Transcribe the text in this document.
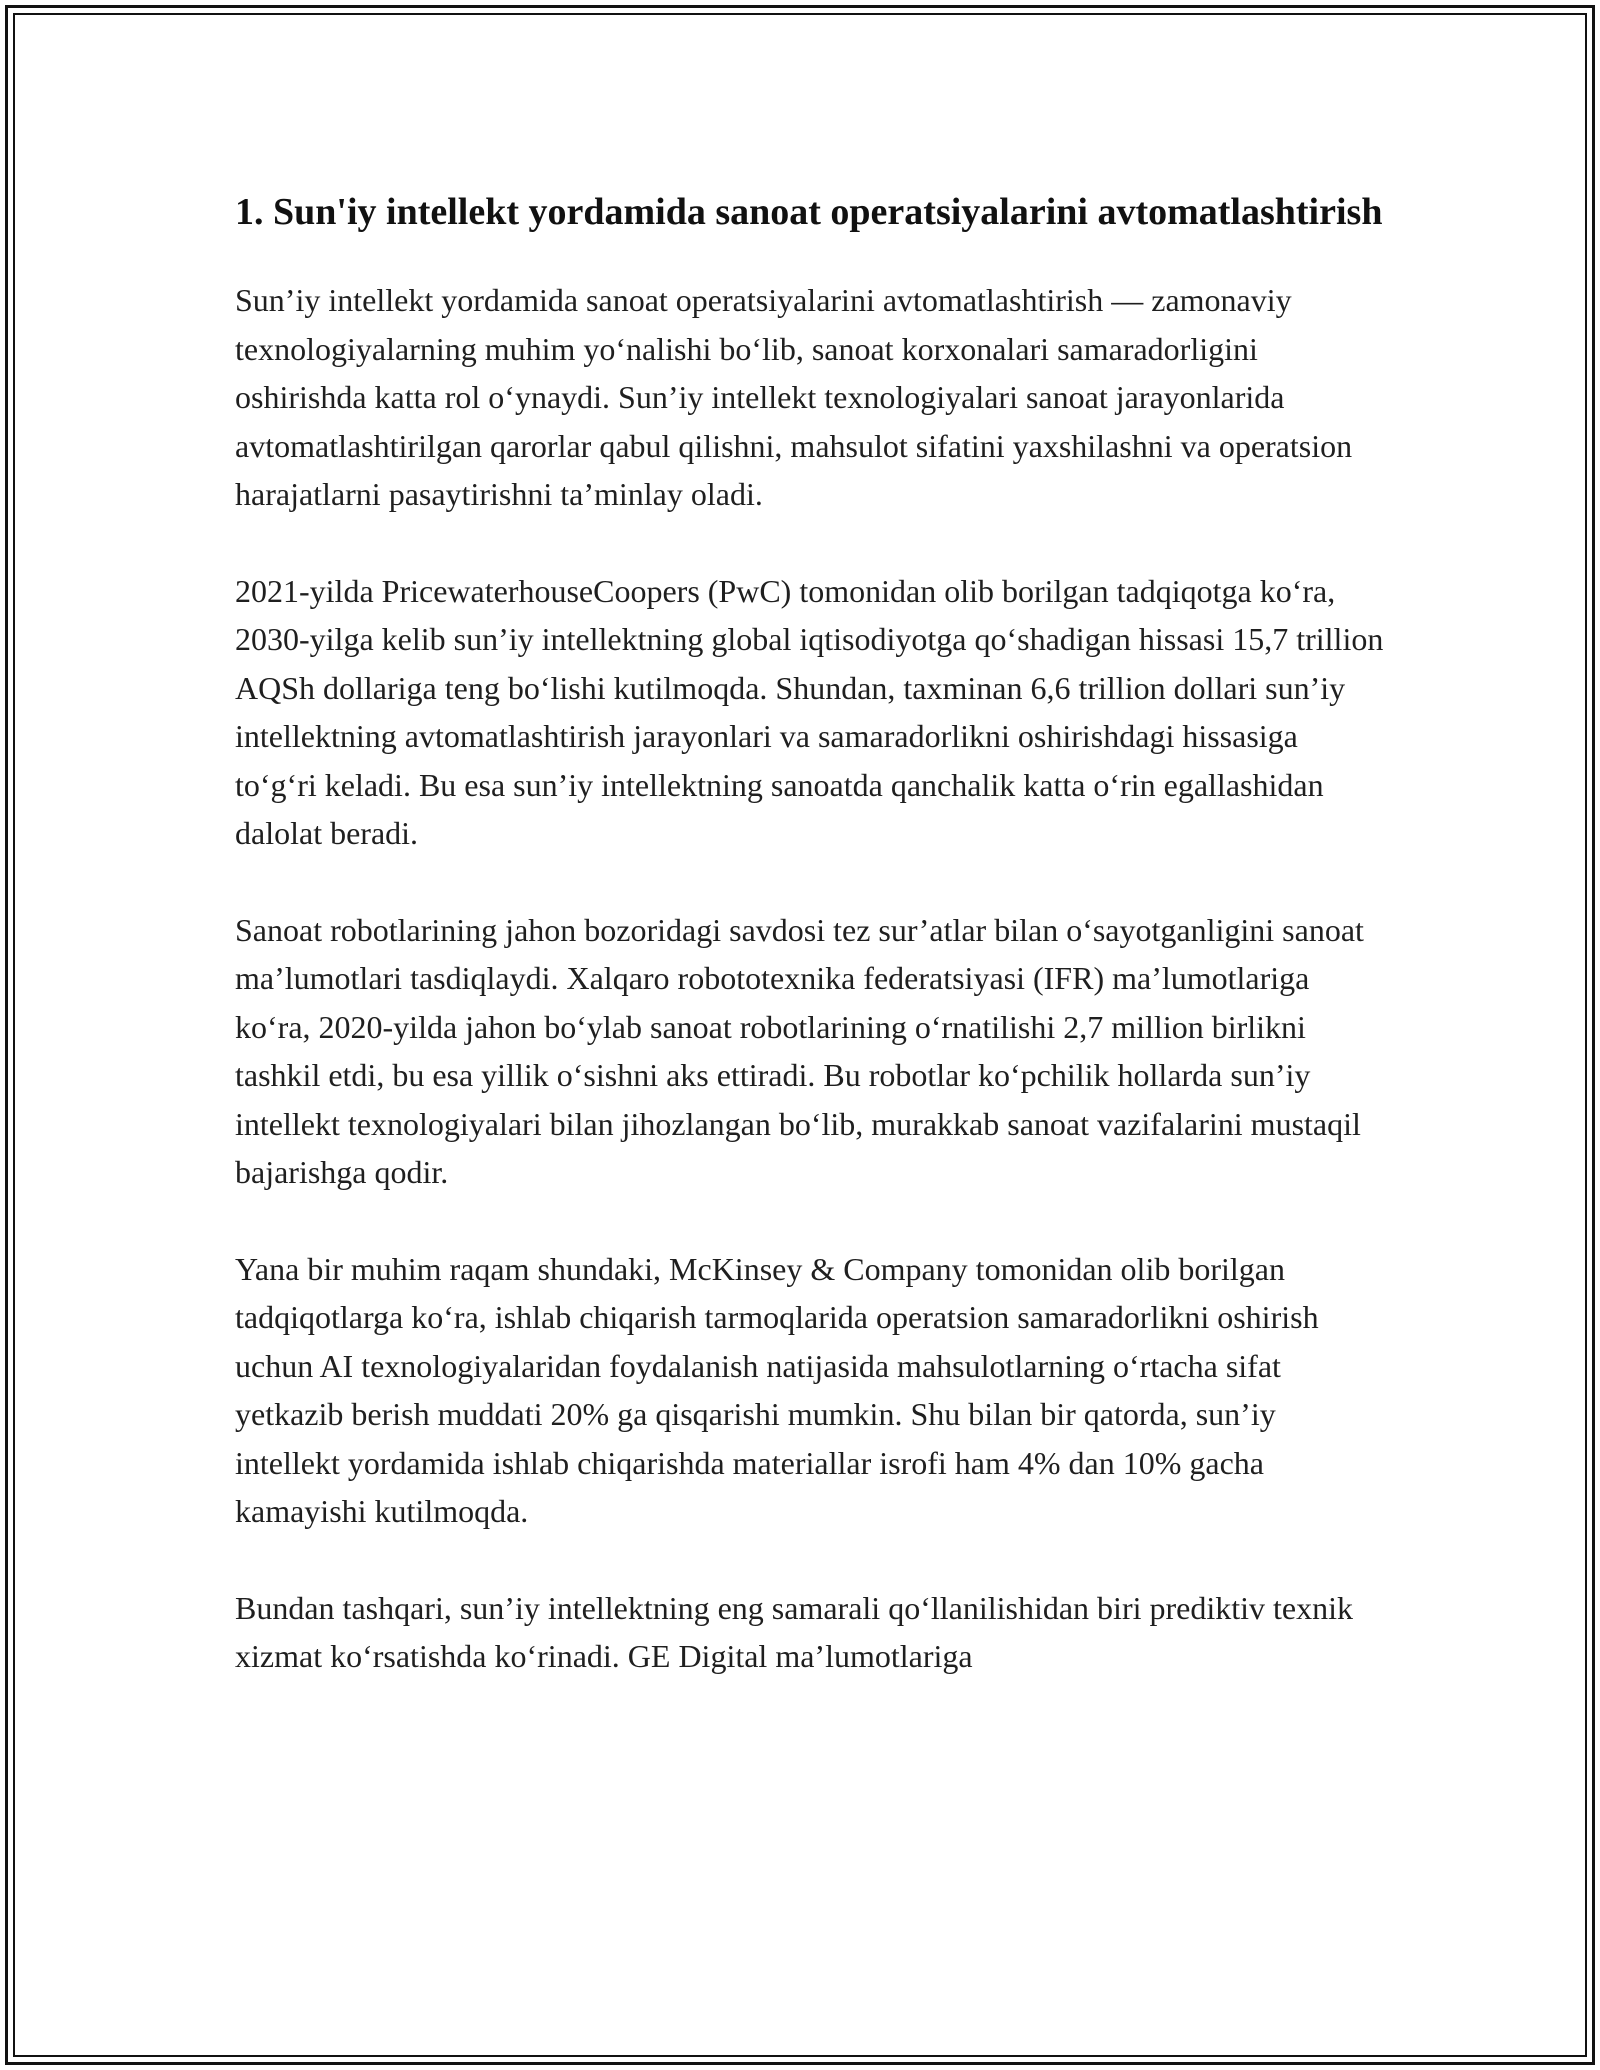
1. Sun'iy intellekt yordamida sanoat operatsiyalarini avtomatlashtirish

Sun’iy intellekt yordamida sanoat operatsiyalarini avtomatlashtirish — zamonaviy texnologiyalarning muhim yoʻnalishi boʻlib, sanoat korxonalari samaradorligini oshirishda katta rol oʻynaydi. Sun’iy intellekt texnologiyalari sanoat jarayonlarida avtomatlashtirilgan qarorlar qabul qilishni, mahsulot sifatini yaxshilashni va operatsion harajatlarni pasaytirishni ta’minlay oladi.

2021-yilda PricewaterhouseCoopers (PwC) tomonidan olib borilgan tadqiqotga koʻra, 2030-yilga kelib sun’iy intellektning global iqtisodiyotga qoʻshadigan hissasi 15,7 trillion AQSh dollariga teng boʻlishi kutilmoqda. Shundan, taxminan 6,6 trillion dollari sun’iy intellektning avtomatlashtirish jarayonlari va samaradorlikni oshirishdagi hissasiga toʻgʻri keladi. Bu esa sun’iy intellektning sanoatda qanchalik katta oʻrin egallashidan dalolat beradi.

Sanoat robotlarining jahon bozoridagi savdosi tez sur’atlar bilan oʻsayotganligini sanoat ma’lumotlari tasdiqlaydi. Xalqaro robototexnika federatsiyasi (IFR) ma’lumotlariga koʻra, 2020-yilda jahon boʻylab sanoat robotlarining oʻrnatilishi 2,7 million birlikni tashkil etdi, bu esa yillik oʻsishni aks ettiradi. Bu robotlar koʻpchilik hollarda sun’iy intellekt texnologiyalari bilan jihozlangan boʻlib, murakkab sanoat vazifalarini mustaqil bajarishga qodir.

Yana bir muhim raqam shundaki, McKinsey & Company tomonidan olib borilgan tadqiqotlarga koʻra, ishlab chiqarish tarmoqlarida operatsion samaradorlikni oshirish uchun AI texnologiyalaridan foydalanish natijasida mahsulotlarning oʻrtacha sifat yetkazib berish muddati 20% ga qisqarishi mumkin. Shu bilan bir qatorda, sun’iy intellekt yordamida ishlab chiqarishda materiallar isrofi ham 4% dan 10% gacha kamayishi kutilmoqda.

Bundan tashqari, sun’iy intellektning eng samarali qoʻllanilishidan biri prediktiv texnik xizmat koʻrsatishda koʻrinadi. GE Digital ma’lumotlariga
